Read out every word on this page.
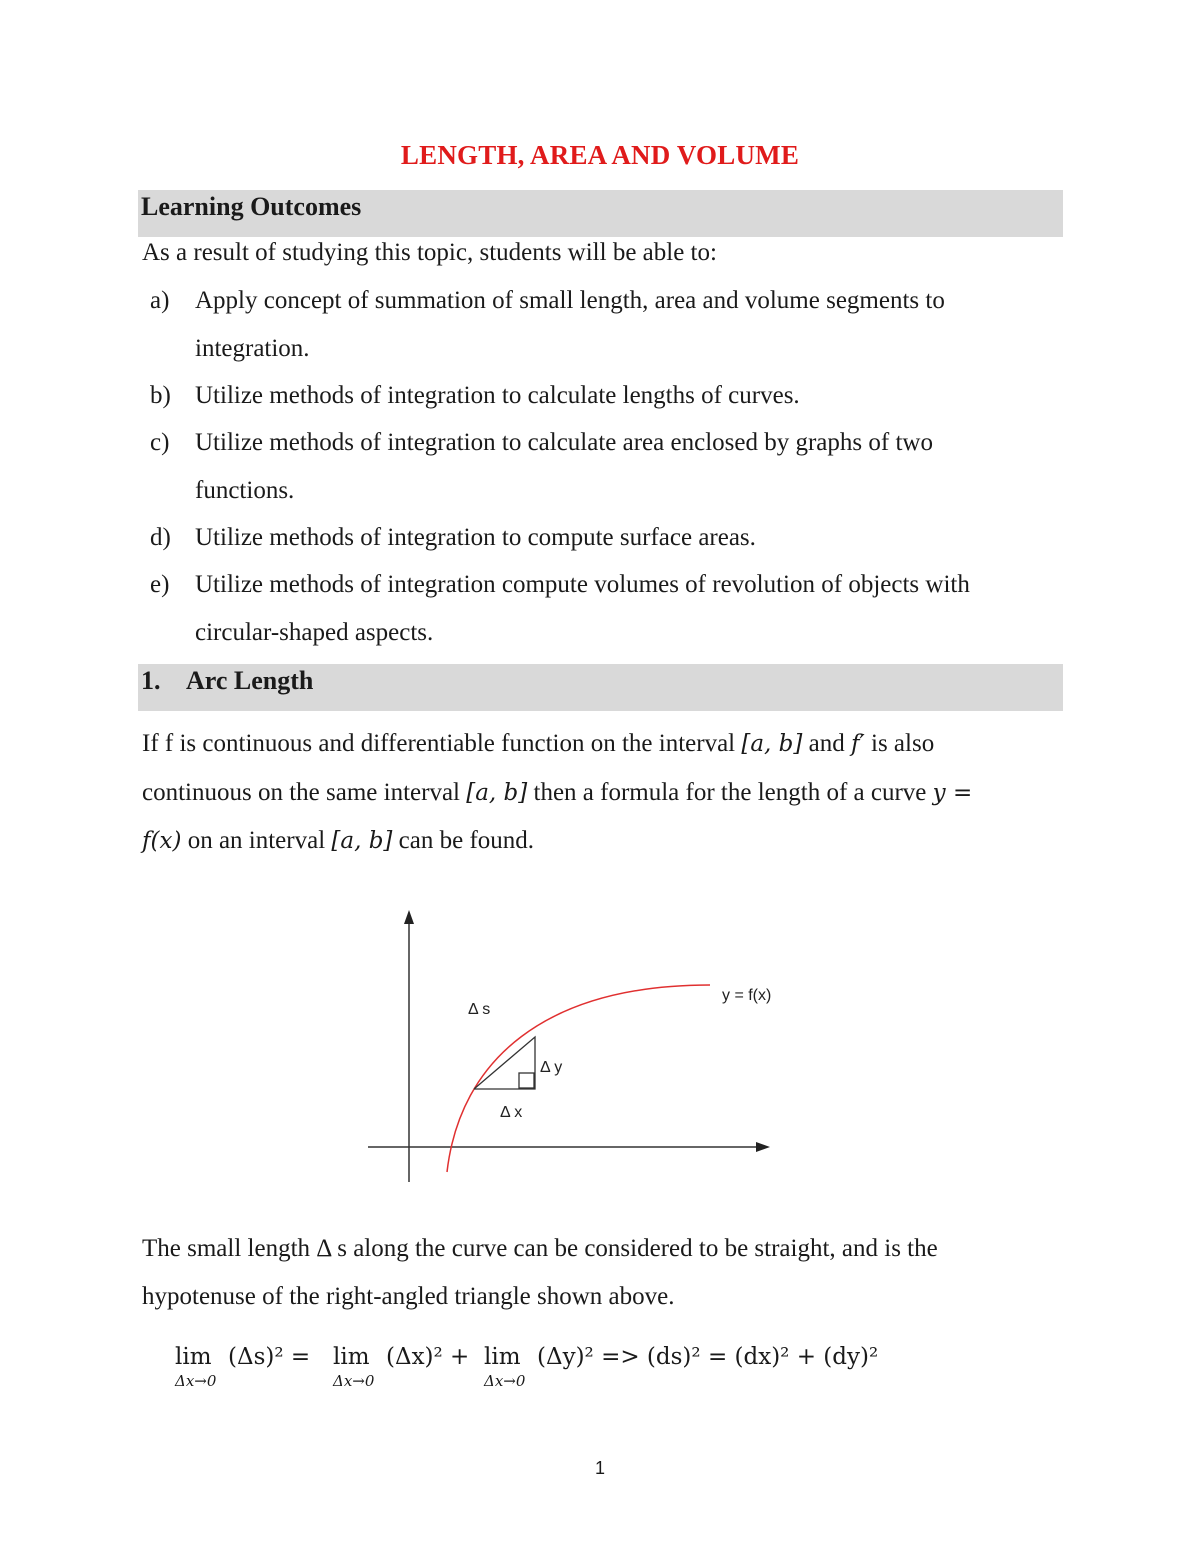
LENGTH, AREA AND VOLUME
Learning Outcomes
As a result of studying this topic, students will be able to:
a) Apply concept of summation of small length, area and volume segments to
integration.
b) Utilize methods of integration to calculate lengths of curves.
c) Utilize methods of integration to calculate area enclosed by graphs of two
functions.
d) Utilize methods of integration to compute surface areas.
e) Utilize methods of integration compute volumes of revolution of objects with
circular-shaped aspects.
1. Arc Length
If f is continuous and differentiable function on the interval [a, b] and f′ is also
continuous on the same interval [a, b] then a formula for the length of a curve y =
f(x) on an interval [a, b] can be found.
Δ s
Δ y
Δ x
y = f(x)
The small length Δ s along the curve can be considered to be straight, and is the
hypotenuse of the right-angled triangle shown above.
lim
Δx→0
(Δs)² = lim
Δx→0
(Δx)² + lim
Δx→0
(Δy)² => (ds)² = (dx)² + (dy)²
1
